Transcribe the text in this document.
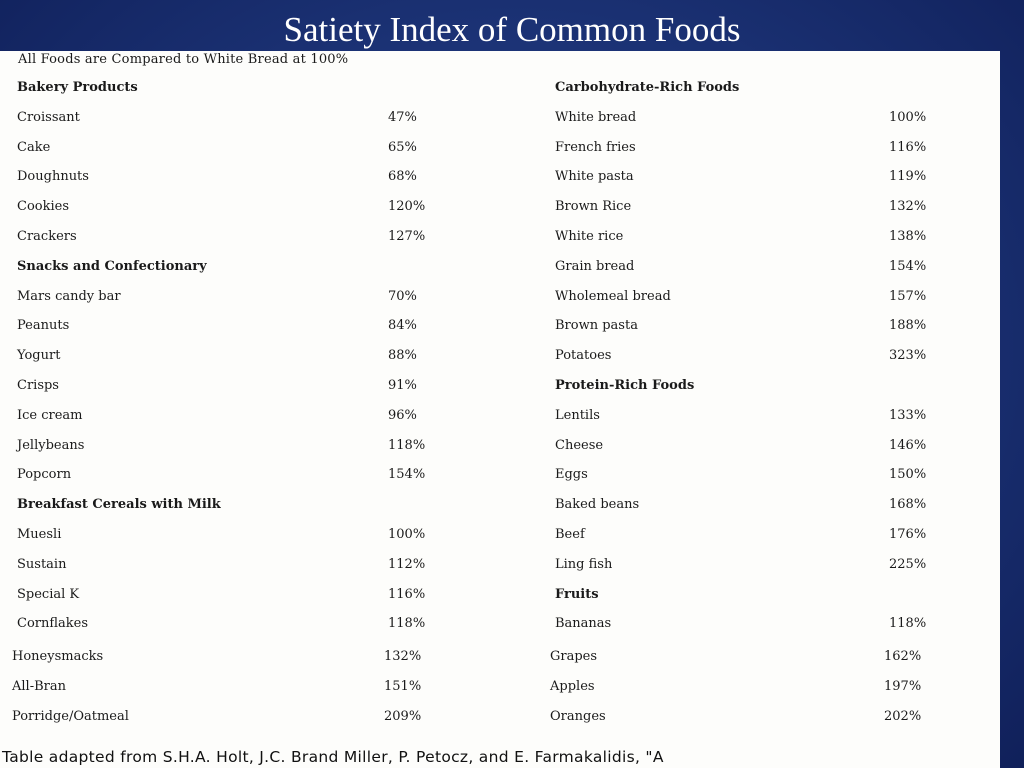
Satiety Index of Common Foods
All Foods are Compared to White Bread at 100%
Bakery Products
Croissant	47%
Cake	65%
Doughnuts	68%
Cookies	120%
Crackers	127%
Snacks and Confectionary
Mars candy bar	70%
Peanuts	84%
Yogurt	88%
Crisps	91%
Ice cream	96%
Jellybeans	118%
Popcorn	154%
Breakfast Cereals with Milk
Muesli	100%
Sustain	112%
Special K	116%
Cornflakes	118%
Honeysmacks	132%
All-Bran	151%
Porridge/Oatmeal	209%
Carbohydrate-Rich Foods
White bread	100%
French fries	116%
White pasta	119%
Brown Rice	132%
White rice	138%
Grain bread	154%
Wholemeal bread	157%
Brown pasta	188%
Potatoes	323%
Protein-Rich Foods
Lentils	133%
Cheese	146%
Eggs	150%
Baked beans	168%
Beef	176%
Ling fish	225%
Fruits
Bananas	118%
Grapes	162%
Apples	197%
Oranges	202%
Table adapted from S.H.A. Holt, J.C. Brand Miller, P. Petocz, and E. Farmakalidis, "A
